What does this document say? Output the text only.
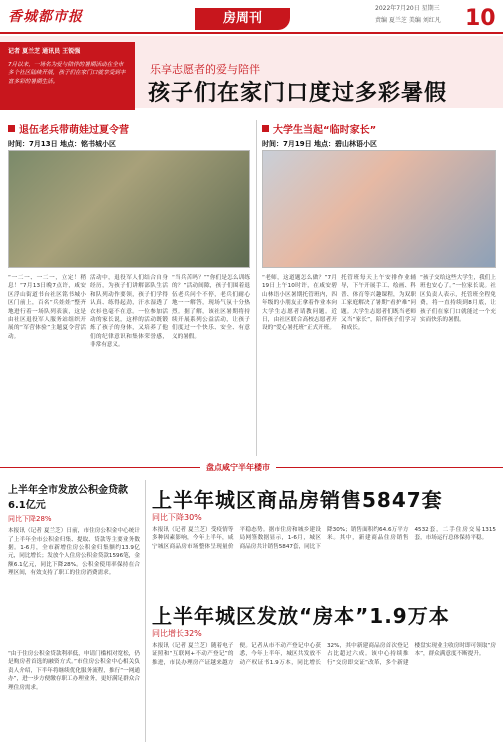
香城都市报	房周刊
2022年7月20日 星期三
责编 夏兰芝 美编 刘红凡 10
记者 夏兰芝 通讯员 王锐强
7月以来，一场名为爱与陪伴的暑期活动在全市多个社区陆续开展，孩子们在家门口就享受到丰富多彩的暑期生活。
乐享志愿者的爱与陪伴
孩子们在家门口度过多彩暑假
退伍老兵带萌娃过夏令营
时间：7月13日 地点：铭书城小区
“一二一、一二一，立定！稍息！”7月13日晚7点许，咸安区浮山街道书台社区铭书城小区门前上，百名“兵娃娃”整齐地进行着一场队列表演，这是由社区退役军人服务站组织开展的“军营体验”主题夏令营活动。
活动中，退役军人们结合自身经历，为孩子们讲解部队生活和队列动作要领，孩子们学得认真、练得起劲，汗水湿透了衣衫也毫不在意。一位参加活动的家长说，这样的活动既锻炼了孩子的身体，又培养了他们的纪律意识和集体荣誉感，非常有意义。
“当兵苦吗？”“你们是怎么训练的？”活动间隙，孩子们围着退伍老兵问个不停，老兵们耐心地一一解答，现场气氛十分热烈。据了解，该社区暑期将持续开展系列公益活动，让孩子们度过一个快乐、安全、有意义的暑假。
大学生当起“临时家长”
时间：7月19日 地点：碧山林语小区
“老师，这道题怎么做？”7月19日上午10时许，在咸安碧山林语小区暑期托管班内，四年级的小朋友正拿着作业本向大学生志愿者请教问题。近日，由社区联合高校志愿者开设的“爱心暑托班”正式开班。
托管班每天上午安排作业辅导，下午开展手工、绘画、科普、体育等兴趣课程，为双职工家庭解决了暑期“看护难”问题。大学生志愿者们既当老师又当“家长”，陪伴孩子们学习和成长。
“孩子交给这些大学生，我们上班也安心了。”一位家长说。社区负责人表示，托管班全程免费，将一直持续到8月底，让孩子们在家门口就能过一个充实而快乐的暑假。
盘点咸宁半年楼市
上半年全市发放公积金贷款6.1亿元
同比下降28%
本报讯（记者 夏兰芝）日前，市住房公积金中心统计了上半年全市公积金归集、提取、贷款等主要业务数据。1-6月，全市新增住房公积金归集额约13.9亿元，同比增长；发放个人住房公积金贷款1596笔，金额6.1亿元，同比下降28%。公积金使用率保持在合理区间，有效支持了职工的住房消费需求。
“由于住房公积金贷款利率低，申请门槛相对宽松，仍是购房者首选的融资方式。”市住房公积金中心相关负责人介绍，下半年将继续优化服务流程，推行“一网通办”，进一步方便缴存职工办理业务，更好满足群众合理住房需求。
上半年城区商品房销售5847套
同比下降30%
本报讯（记者 夏兰芝）受疫情等多种因素影响，今年上半年，咸宁城区商品房市场整体呈现量价平稳态势。据市住房和城乡建设局网签数据显示，1-6月，城区商品房共计销售5847套，同比下降30%；销售面积约64.6万平方米。其中，新建商品住房销售4532套，二手住房交易1315套，市场运行总体保持平稳。
上半年城区发放“房本”1.9万本
同比增长32%
本报讯（记者 夏兰芝）随着电子证照和“互联网+不动产登记”的推进，市民办理房产证越来越方便。记者从市不动产登记中心获悉，今年上半年，城区共发放不动产权证书1.9万本，同比增长32%，其中新建商品房首次登记占比超过六成。该中心持续推行“交房即交证”改革，多个新建楼盘实现业主收房时即可领取“房本”，群众满意度不断提升。
